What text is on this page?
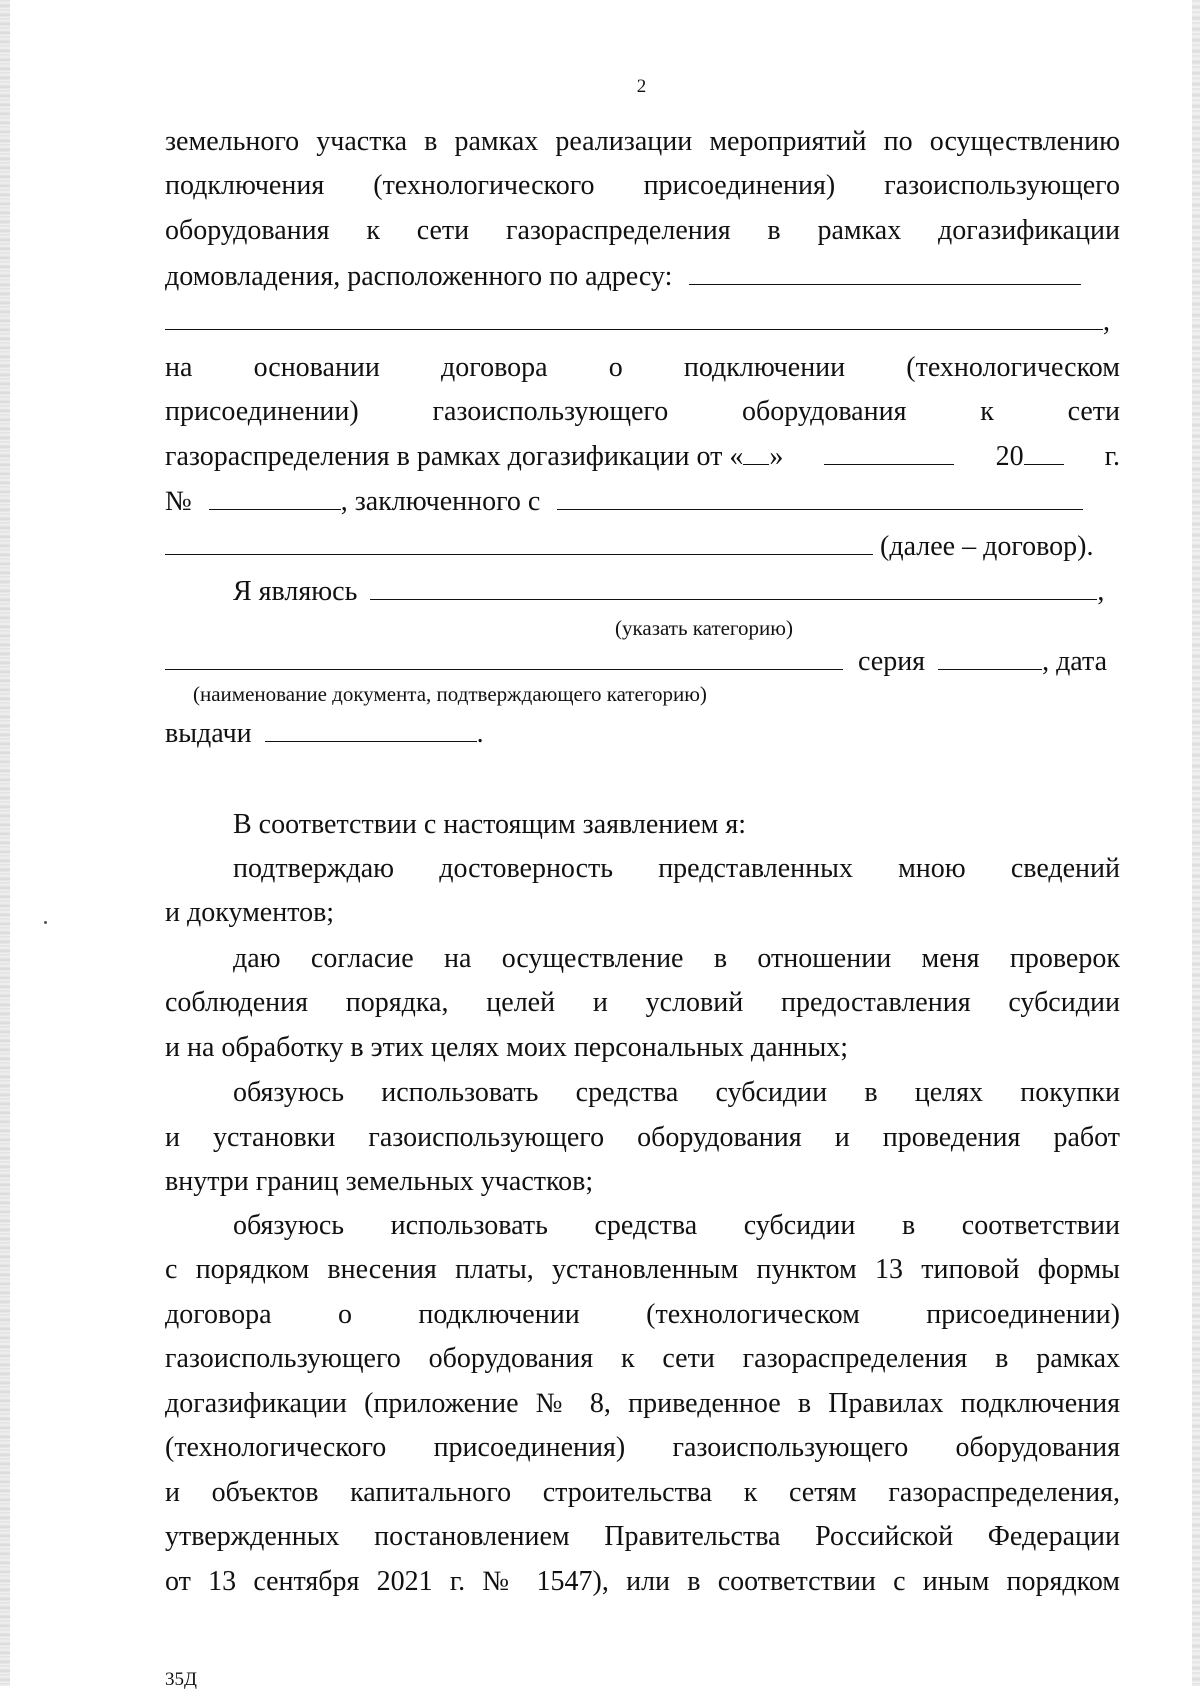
2
земельного участка в рамках реализации мероприятий по осуществлению
подключения (технологического присоединения) газоиспользующего
оборудования к сети газораспределения в рамках догазификации
домовладения, расположенного по адресу:
,
на основании договора о подключении (технологическом
присоединении)	газоиспользующего	оборудования	к	сети
газораспределения в рамках догазификации от « »	20	г.
№	, заключенного с
(далее – договор).
Я являюсь	,
(указать категорию)
серия	, дата
(наименование документа, подтверждающего категорию)
выдачи	.
В соответствии с настоящим заявлением я:
подтверждаю достоверность представленных мною сведений
и документов;
даю согласие на осуществление в отношении меня проверок
соблюдения порядка, целей и условий предоставления субсидии
и на обработку в этих целях моих персональных данных;
обязуюсь использовать средства субсидии в целях покупки
и установки газоиспользующего оборудования и проведения работ
внутри границ земельных участков;
обязуюсь использовать средства субсидии в соответствии
с порядком внесения платы, установленным пунктом 13 типовой формы
договора о подключении (технологическом присоединении)
газоиспользующего оборудования к сети газораспределения в рамках
догазификации (приложение № 8, приведенное в Правилах подключения
(технологического присоединения) газоиспользующего оборудования
и объектов капитального строительства к сетям газораспределения,
утвержденных постановлением Правительства Российской Федерации
от 13 сентября 2021 г. № 1547), или в соответствии с иным порядком
35Д
